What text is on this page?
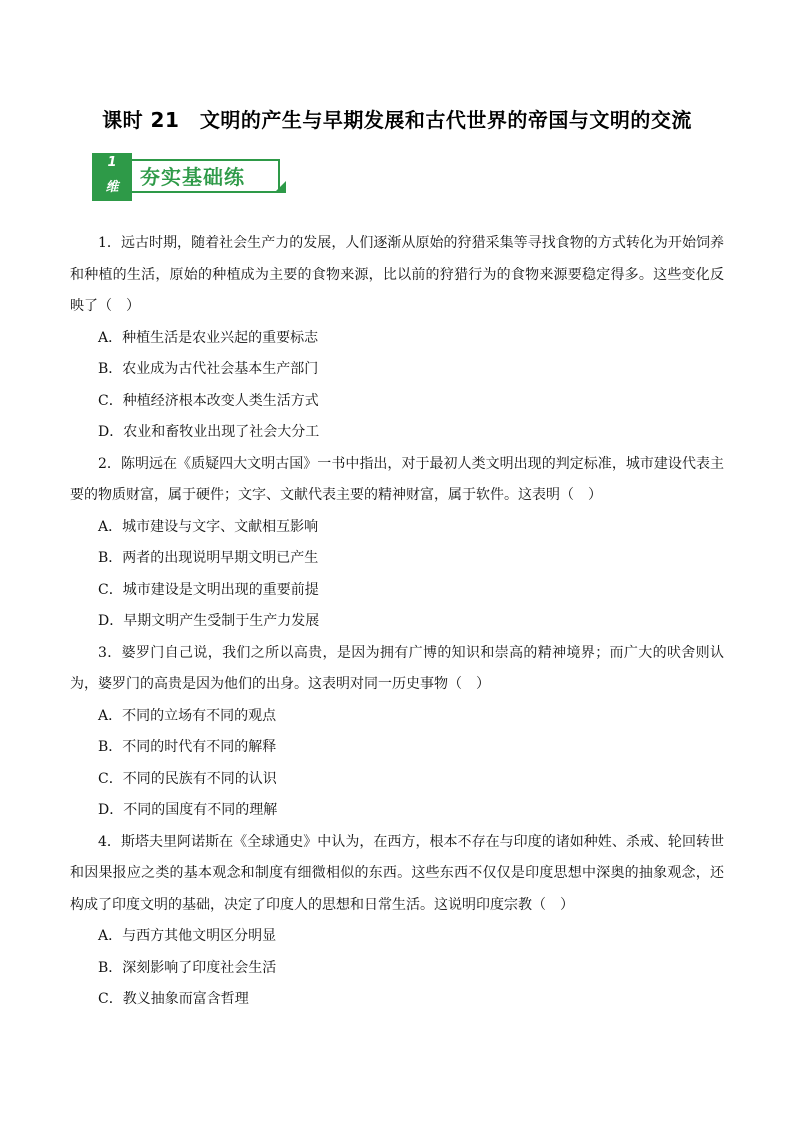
课时 21　文明的产生与早期发展和古代世界的帝国与文明的交流
1
维	夯实基础练

1．远古时期，随着社会生产力的发展，人们逐渐从原始的狩猎采集等寻找食物的方式转化为开始饲养和种植的生活，原始的种植成为主要的食物来源，比以前的狩猎行为的食物来源要稳定得多。这些变化反映了（　）

A．种植生活是农业兴起的重要标志

B．农业成为古代社会基本生产部门

C．种植经济根本改变人类生活方式

D．农业和畜牧业出现了社会大分工

2．陈明远在《质疑四大文明古国》一书中指出，对于最初人类文明出现的判定标准，城市建设代表主要的物质财富，属于硬件；文字、文献代表主要的精神财富，属于软件。这表明（　）

A．城市建设与文字、文献相互影响

B．两者的出现说明早期文明已产生

C．城市建设是文明出现的重要前提

D．早期文明产生受制于生产力发展

3．婆罗门自己说，我们之所以高贵，是因为拥有广博的知识和崇高的精神境界；而广大的吠舍则认为，婆罗门的高贵是因为他们的出身。这表明对同一历史事物（　）

A．不同的立场有不同的观点

B．不同的时代有不同的解释

C．不同的民族有不同的认识

D．不同的国度有不同的理解

4．斯塔夫里阿诺斯在《全球通史》中认为，在西方，根本不存在与印度的诸如种姓、杀戒、轮回转世和因果报应之类的基本观念和制度有细微相似的东西。这些东西不仅仅是印度思想中深奥的抽象观念，还构成了印度文明的基础，决定了印度人的思想和日常生活。这说明印度宗教（　）

A．与西方其他文明区分明显

B．深刻影响了印度社会生活

C．教义抽象而富含哲理
